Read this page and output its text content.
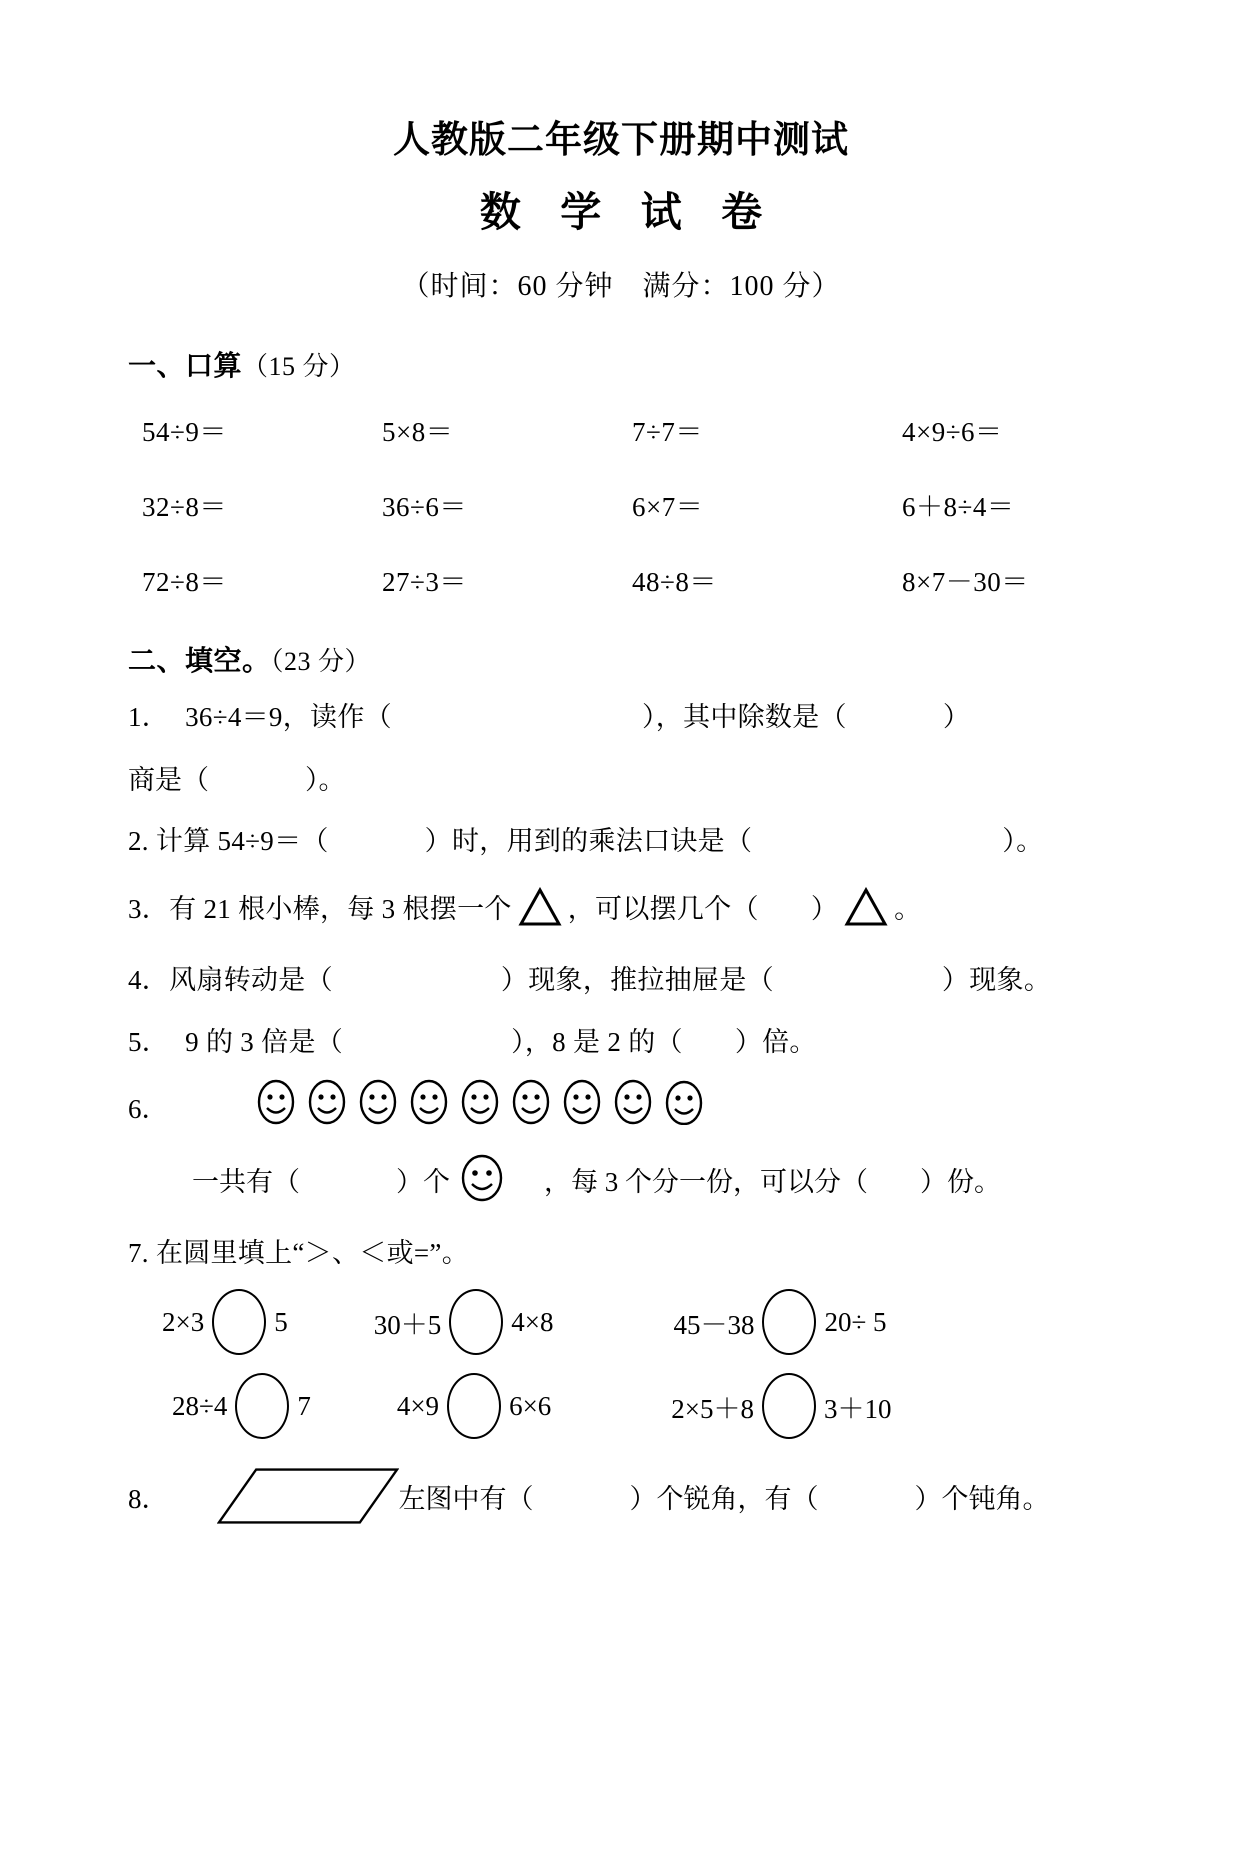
人教版二年级下册期中测试
数 学 试 卷
（时间：60 分钟　满分：100 分）
一、口算（15 分）
54÷9＝	5×8＝	7÷7＝	4×9÷6＝
32÷8＝	36÷6＝	6×7＝	6＋8÷4＝
72÷8＝	27÷3＝	48÷8＝	8×7－30＝
二、填空。（23 分）
1． 36÷4＝9，读作（	），其中除数是（	）
商是（	）。
2. 计算 54÷9＝（	）时，用到的乘法口诀是（	）。
3．有 21 根小棒，每 3 根摆一个 ，可以摆几个（ ） 。
4．风扇转动是（	）现象，推拉抽屉是（	）现象。
5． 9 的 3 倍是（	），8 是 2 的（ ）倍。
6．
一共有（	）个	，每 3 个分一份，可以分（ ）份。
7. 在圆里填上“＞、＜或=”。
2×3	5	30＋5	4×8	45－38	20÷ 5
28÷4	7	4×9	6×6	2×5＋8	3＋10
8．	左图中有（	）个锐角，有（	）个钝角。
